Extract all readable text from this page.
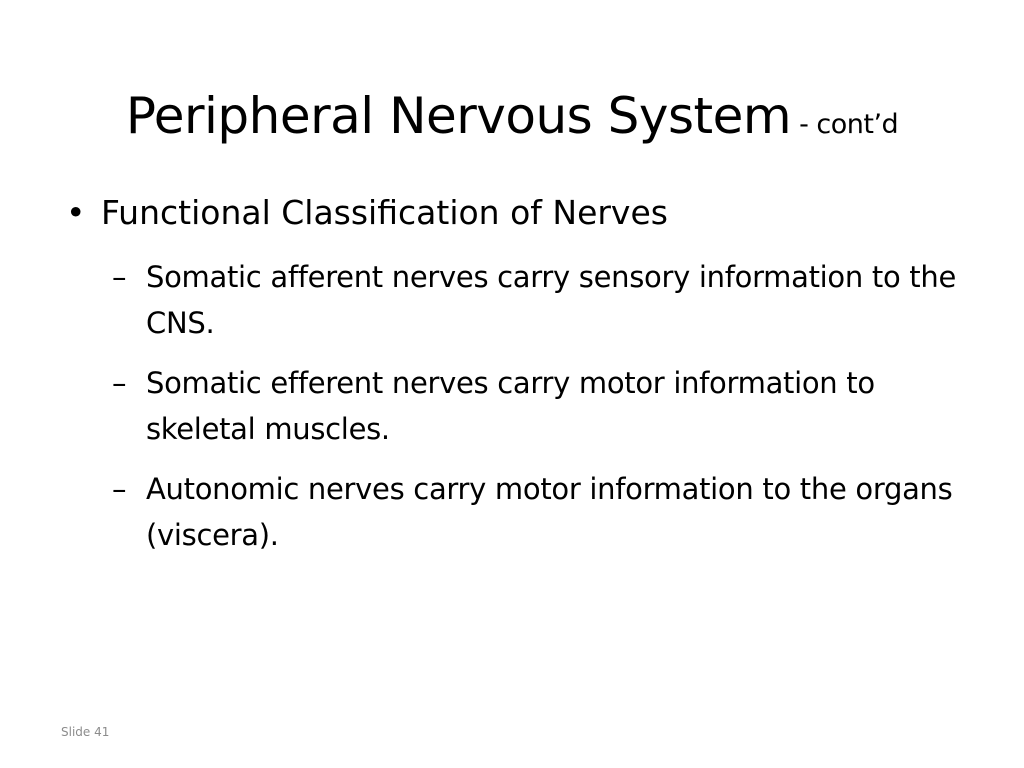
Peripheral Nervous System - cont’d
• Functional Classification of Nerves
– Somatic afferent nerves carry sensory information to the CNS.
– Somatic efferent nerves carry motor information to skeletal muscles.
– Autonomic nerves carry motor information to the organs (viscera).
Slide 41
